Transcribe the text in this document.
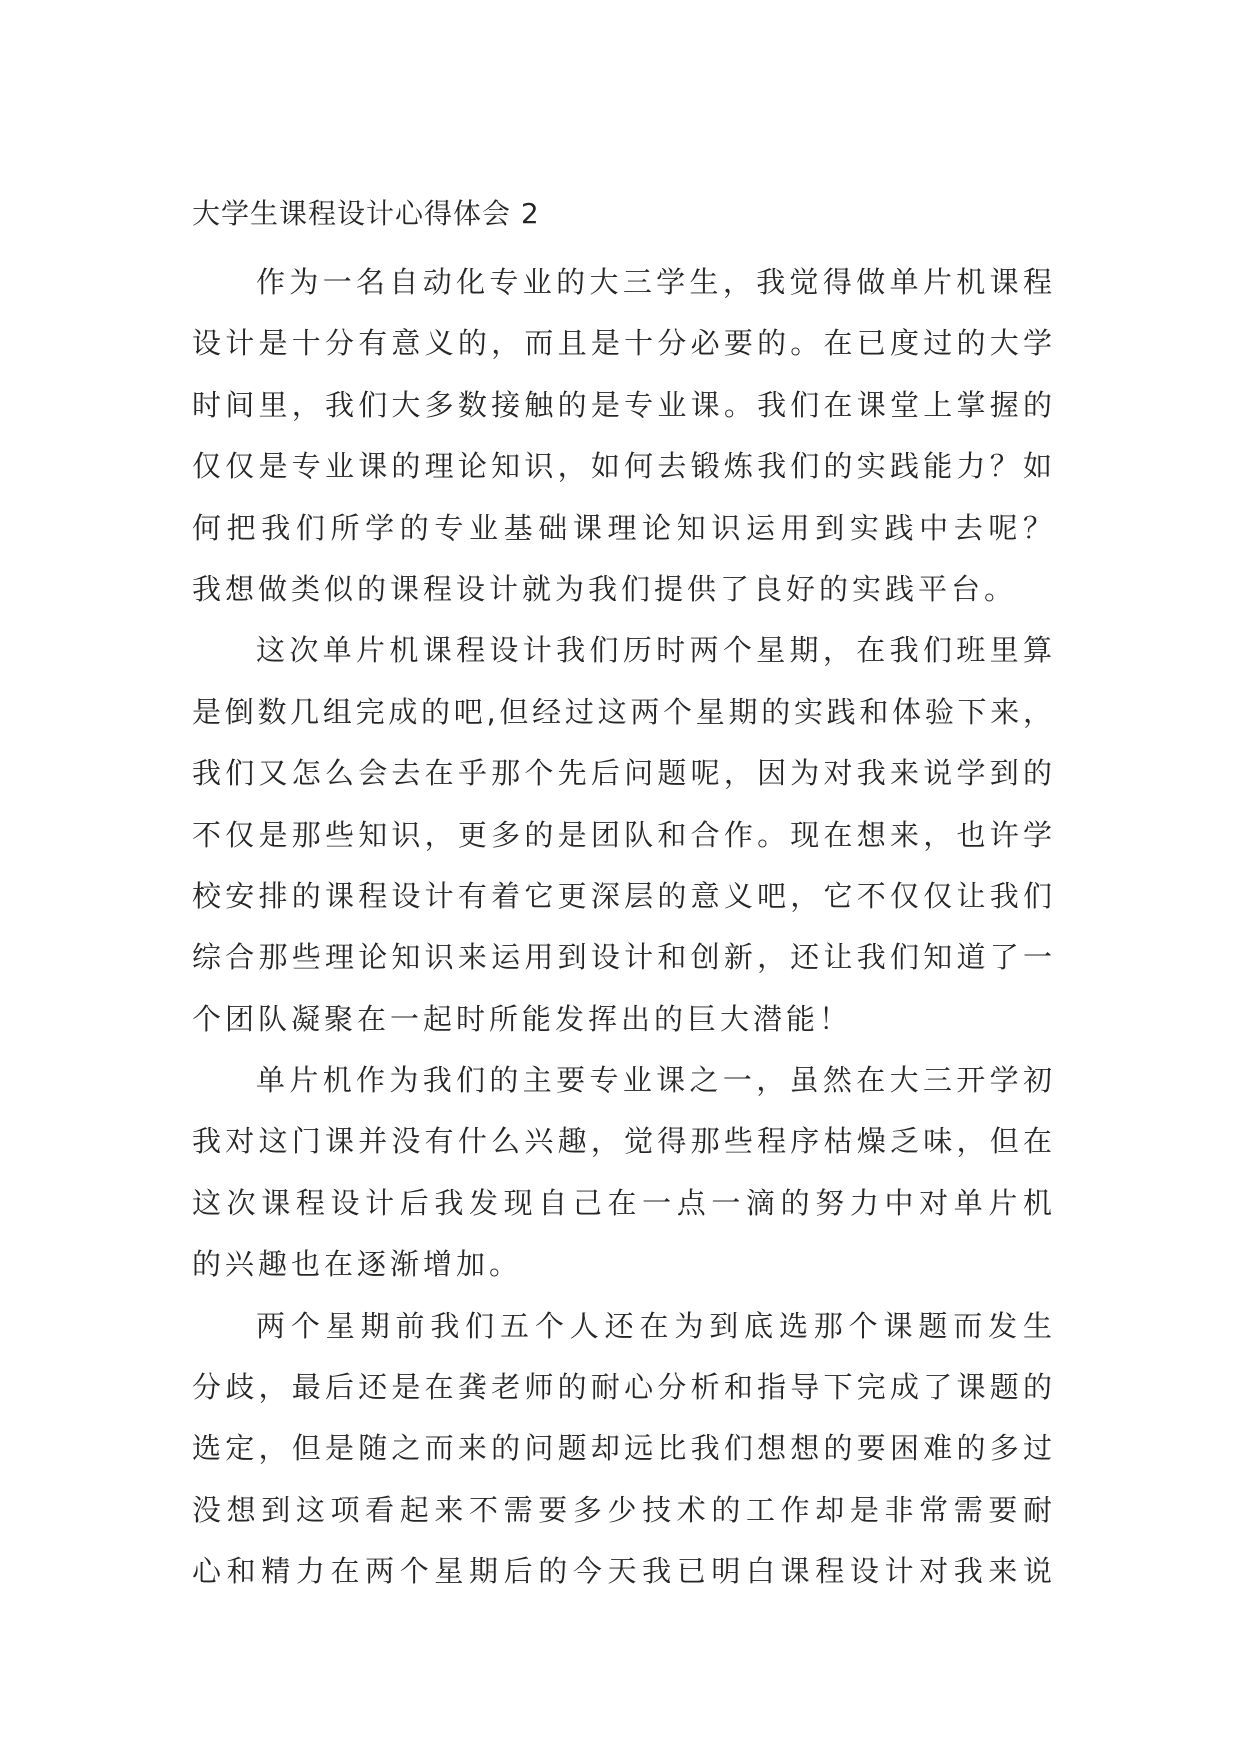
大学生课程设计心得体会 2
作为一名自动化专业的大三学生，我觉得做单片机课程
设计是十分有意义的，而且是十分必要的。在已度过的大学
时间里，我们大多数接触的是专业课。我们在课堂上掌握的
仅仅是专业课的理论知识，如何去锻炼我们的实践能力？如
何把我们所学的专业基础课理论知识运用到实践中去呢？
我想做类似的课程设计就为我们提供了良好的实践平台。
这次单片机课程设计我们历时两个星期，在我们班里算
是倒数几组完成的吧,但经过这两个星期的实践和体验下来，
我们又怎么会去在乎那个先后问题呢，因为对我来说学到的
不仅是那些知识，更多的是团队和合作。现在想来，也许学
校安排的课程设计有着它更深层的意义吧，它不仅仅让我们
综合那些理论知识来运用到设计和创新，还让我们知道了一
个团队凝聚在一起时所能发挥出的巨大潜能！
单片机作为我们的主要专业课之一，虽然在大三开学初
我对这门课并没有什么兴趣，觉得那些程序枯燥乏味，但在
这次课程设计后我发现自己在一点一滴的努力中对单片机
的兴趣也在逐渐增加。
两个星期前我们五个人还在为到底选那个课题而发生
分歧，最后还是在龚老师的耐心分析和指导下完成了课题的
选定，但是随之而来的问题却远比我们想想的要困难的多过
没想到这项看起来不需要多少技术的工作却是非常需要耐
心和精力在两个星期后的今天我已明白课程设计对我来说
